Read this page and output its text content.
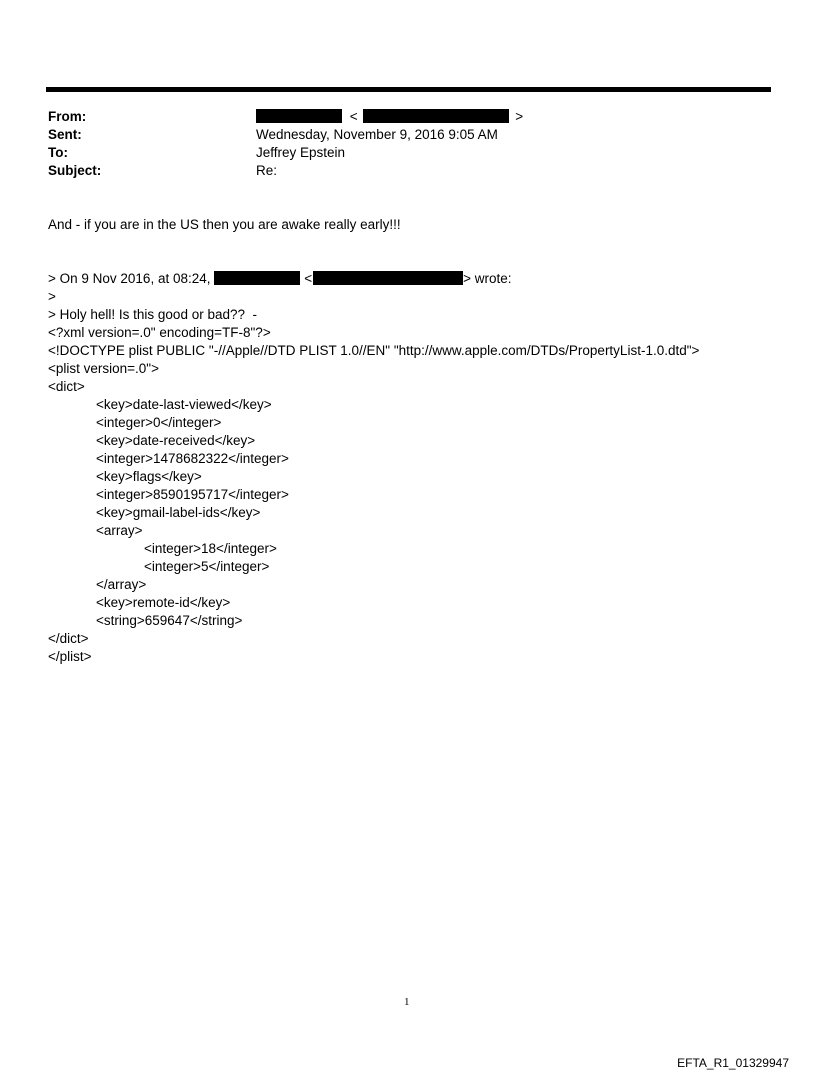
From:	<	>
Sent:	Wednesday, November 9, 2016 9:05 AM
To:	Jeffrey Epstein
Subject:	Re:
And - if you are in the US then you are awake really early!!!
> On 9 Nov 2016, at 08:24,	<	> wrote:
>
> Holy hell! Is this good or bad??  -
<?xml version=.0" encoding=TF-8"?>
<!DOCTYPE plist PUBLIC "-//Apple//DTD PLIST 1.0//EN" "http://www.apple.com/DTDs/PropertyList-1.0.dtd">
<plist version=.0">
<dict>
<key>date-last-viewed</key>
<integer>0</integer>
<key>date-received</key>
<integer>1478682322</integer>
<key>flags</key>
<integer>8590195717</integer>
<key>gmail-label-ids</key>
<array>
<integer>18</integer>
<integer>5</integer>
</array>
<key>remote-id</key>
<string>659647</string>
</dict>
</plist>
1
EFTA_R1_01329947
